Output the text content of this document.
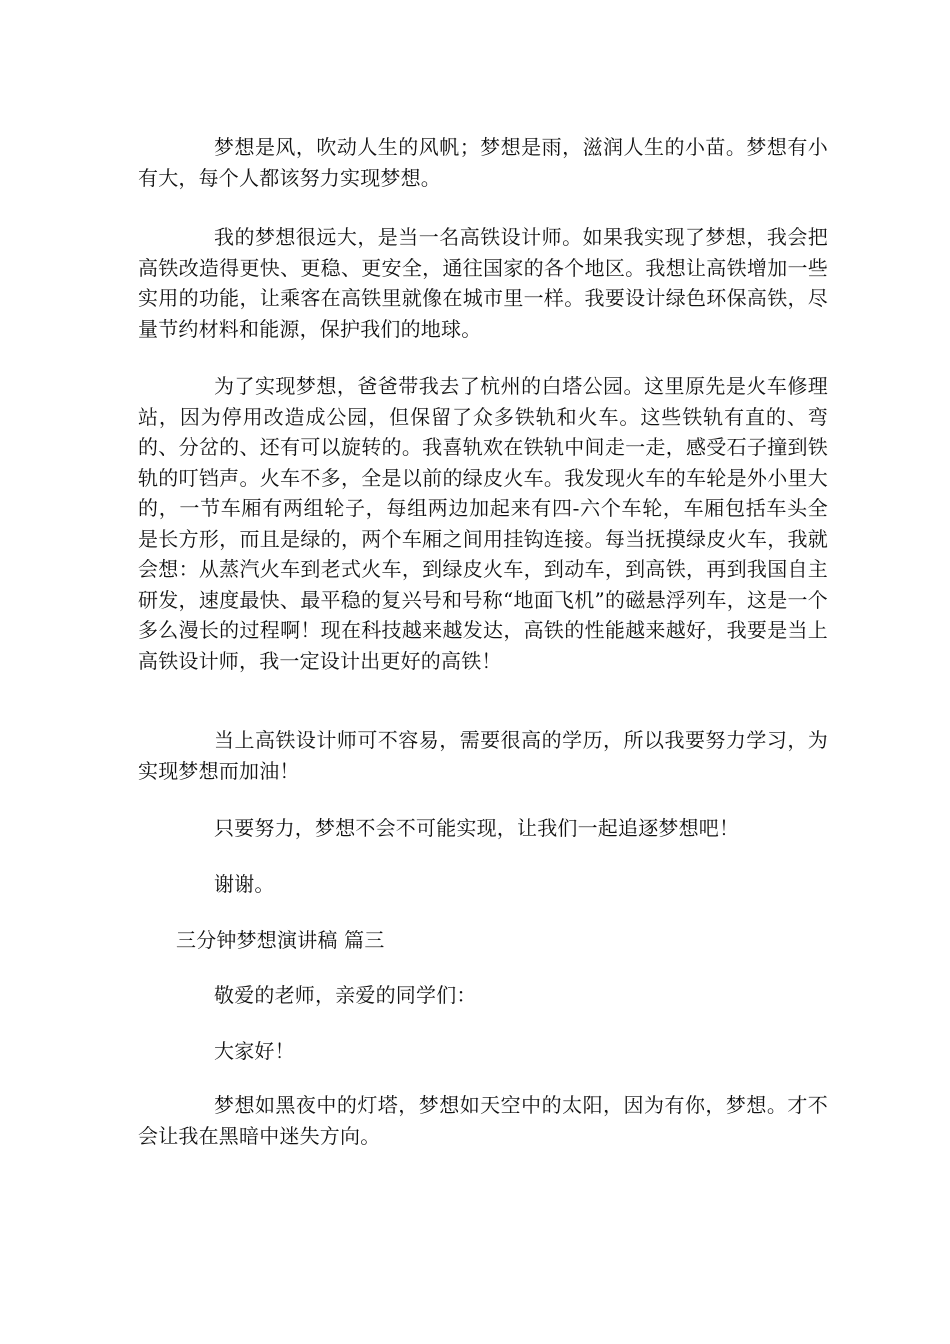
梦想是风，吹动人生的风帆；梦想是雨，滋润人生的小苗。梦想有小有大，每个人都该努力实现梦想。

我的梦想很远大，是当一名高铁设计师。如果我实现了梦想，我会把高铁改造得更快、更稳、更安全，通往国家的各个地区。我想让高铁增加一些实用的功能，让乘客在高铁里就像在城市里一样。我要设计绿色环保高铁，尽量节约材料和能源，保护我们的地球。

为了实现梦想，爸爸带我去了杭州的白塔公园。这里原先是火车修理站，因为停用改造成公园，但保留了众多铁轨和火车。这些铁轨有直的、弯的、分岔的、还有可以旋转的。我喜轨欢在铁轨中间走一走，感受石子撞到铁轨的叮铛声。火车不多，全是以前的绿皮火车。我发现火车的车轮是外小里大的，一节车厢有两组轮子，每组两边加起来有四-六个车轮，车厢包括车头全是长方形，而且是绿的，两个车厢之间用挂钩连接。每当抚摸绿皮火车，我就会想：从蒸汽火车到老式火车，到绿皮火车，到动车，到高铁，再到我国自主研发，速度最快、最平稳的复兴号和号称“地面飞机”的磁悬浮列车，这是一个多么漫长的过程啊！现在科技越来越发达，高铁的性能越来越好，我要是当上高铁设计师，我一定设计出更好的高铁！

当上高铁设计师可不容易，需要很高的学历，所以我要努力学习，为实现梦想而加油！

只要努力，梦想不会不可能实现，让我们一起追逐梦想吧！

谢谢。

三分钟梦想演讲稿 篇三

敬爱的老师，亲爱的同学们：

大家好！

梦想如黑夜中的灯塔，梦想如天空中的太阳，因为有你，梦想。才不会让我在黑暗中迷失方向。
